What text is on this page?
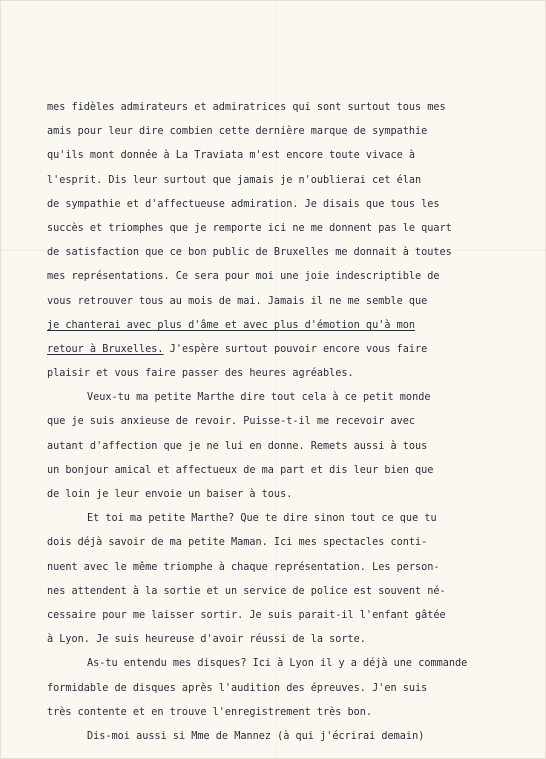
mes fidèles admirateurs et admiratrices qui sont surtout tous mes
amis pour leur dire combien cette dernière marque de sympathie
qu'ils mont donnée à La Traviata m'est encore toute vivace à
l'esprit. Dis leur surtout que jamais je n'oublierai cet élan
de sympathie et d'affectueuse admiration. Je disais que tous les
succès et triomphes que je remporte ici ne me donnent pas le quart
de satisfaction que ce bon public de Bruxelles me donnait à toutes
mes représentations. Ce sera pour moi une joie indescriptible de
vous retrouver tous au mois de mai. Jamais il ne me semble que
je chanterai avec plus d'âme et avec plus d'émotion qu'à mon
retour à Bruxelles. J'espère surtout pouvoir encore vous faire
plaisir et vous faire passer des heures agréables.
Veux-tu ma petite Marthe dire tout cela à ce petit monde
que je suis anxieuse de revoir. Puisse-t-il me recevoir avec
autant d'affection que je ne lui en donne. Remets aussi à tous
un bonjour amical et affectueux de ma part et dis leur bien que
de loin je leur envoie un baiser à tous.
Et toi ma petite Marthe? Que te dire sinon tout ce que tu
dois déjà savoir de ma petite Maman. Ici mes spectacles conti-
nuent avec le même triomphe à chaque représentation. Les person-
nes attendent à la sortie et un service de police est souvent né-
cessaire pour me laisser sortir. Je suis parait-il l'enfant gâtée
à Lyon. Je suis heureuse d'avoir réussi de la sorte.
As-tu entendu mes disques? Ici à Lyon il y a déjà une commande
formidable de disques après l'audition des épreuves. J'en suis
très contente et en trouve l'enregistrement très bon.
Dis-moi aussi si Mme de Mannez (à qui j'écrirai demain)
